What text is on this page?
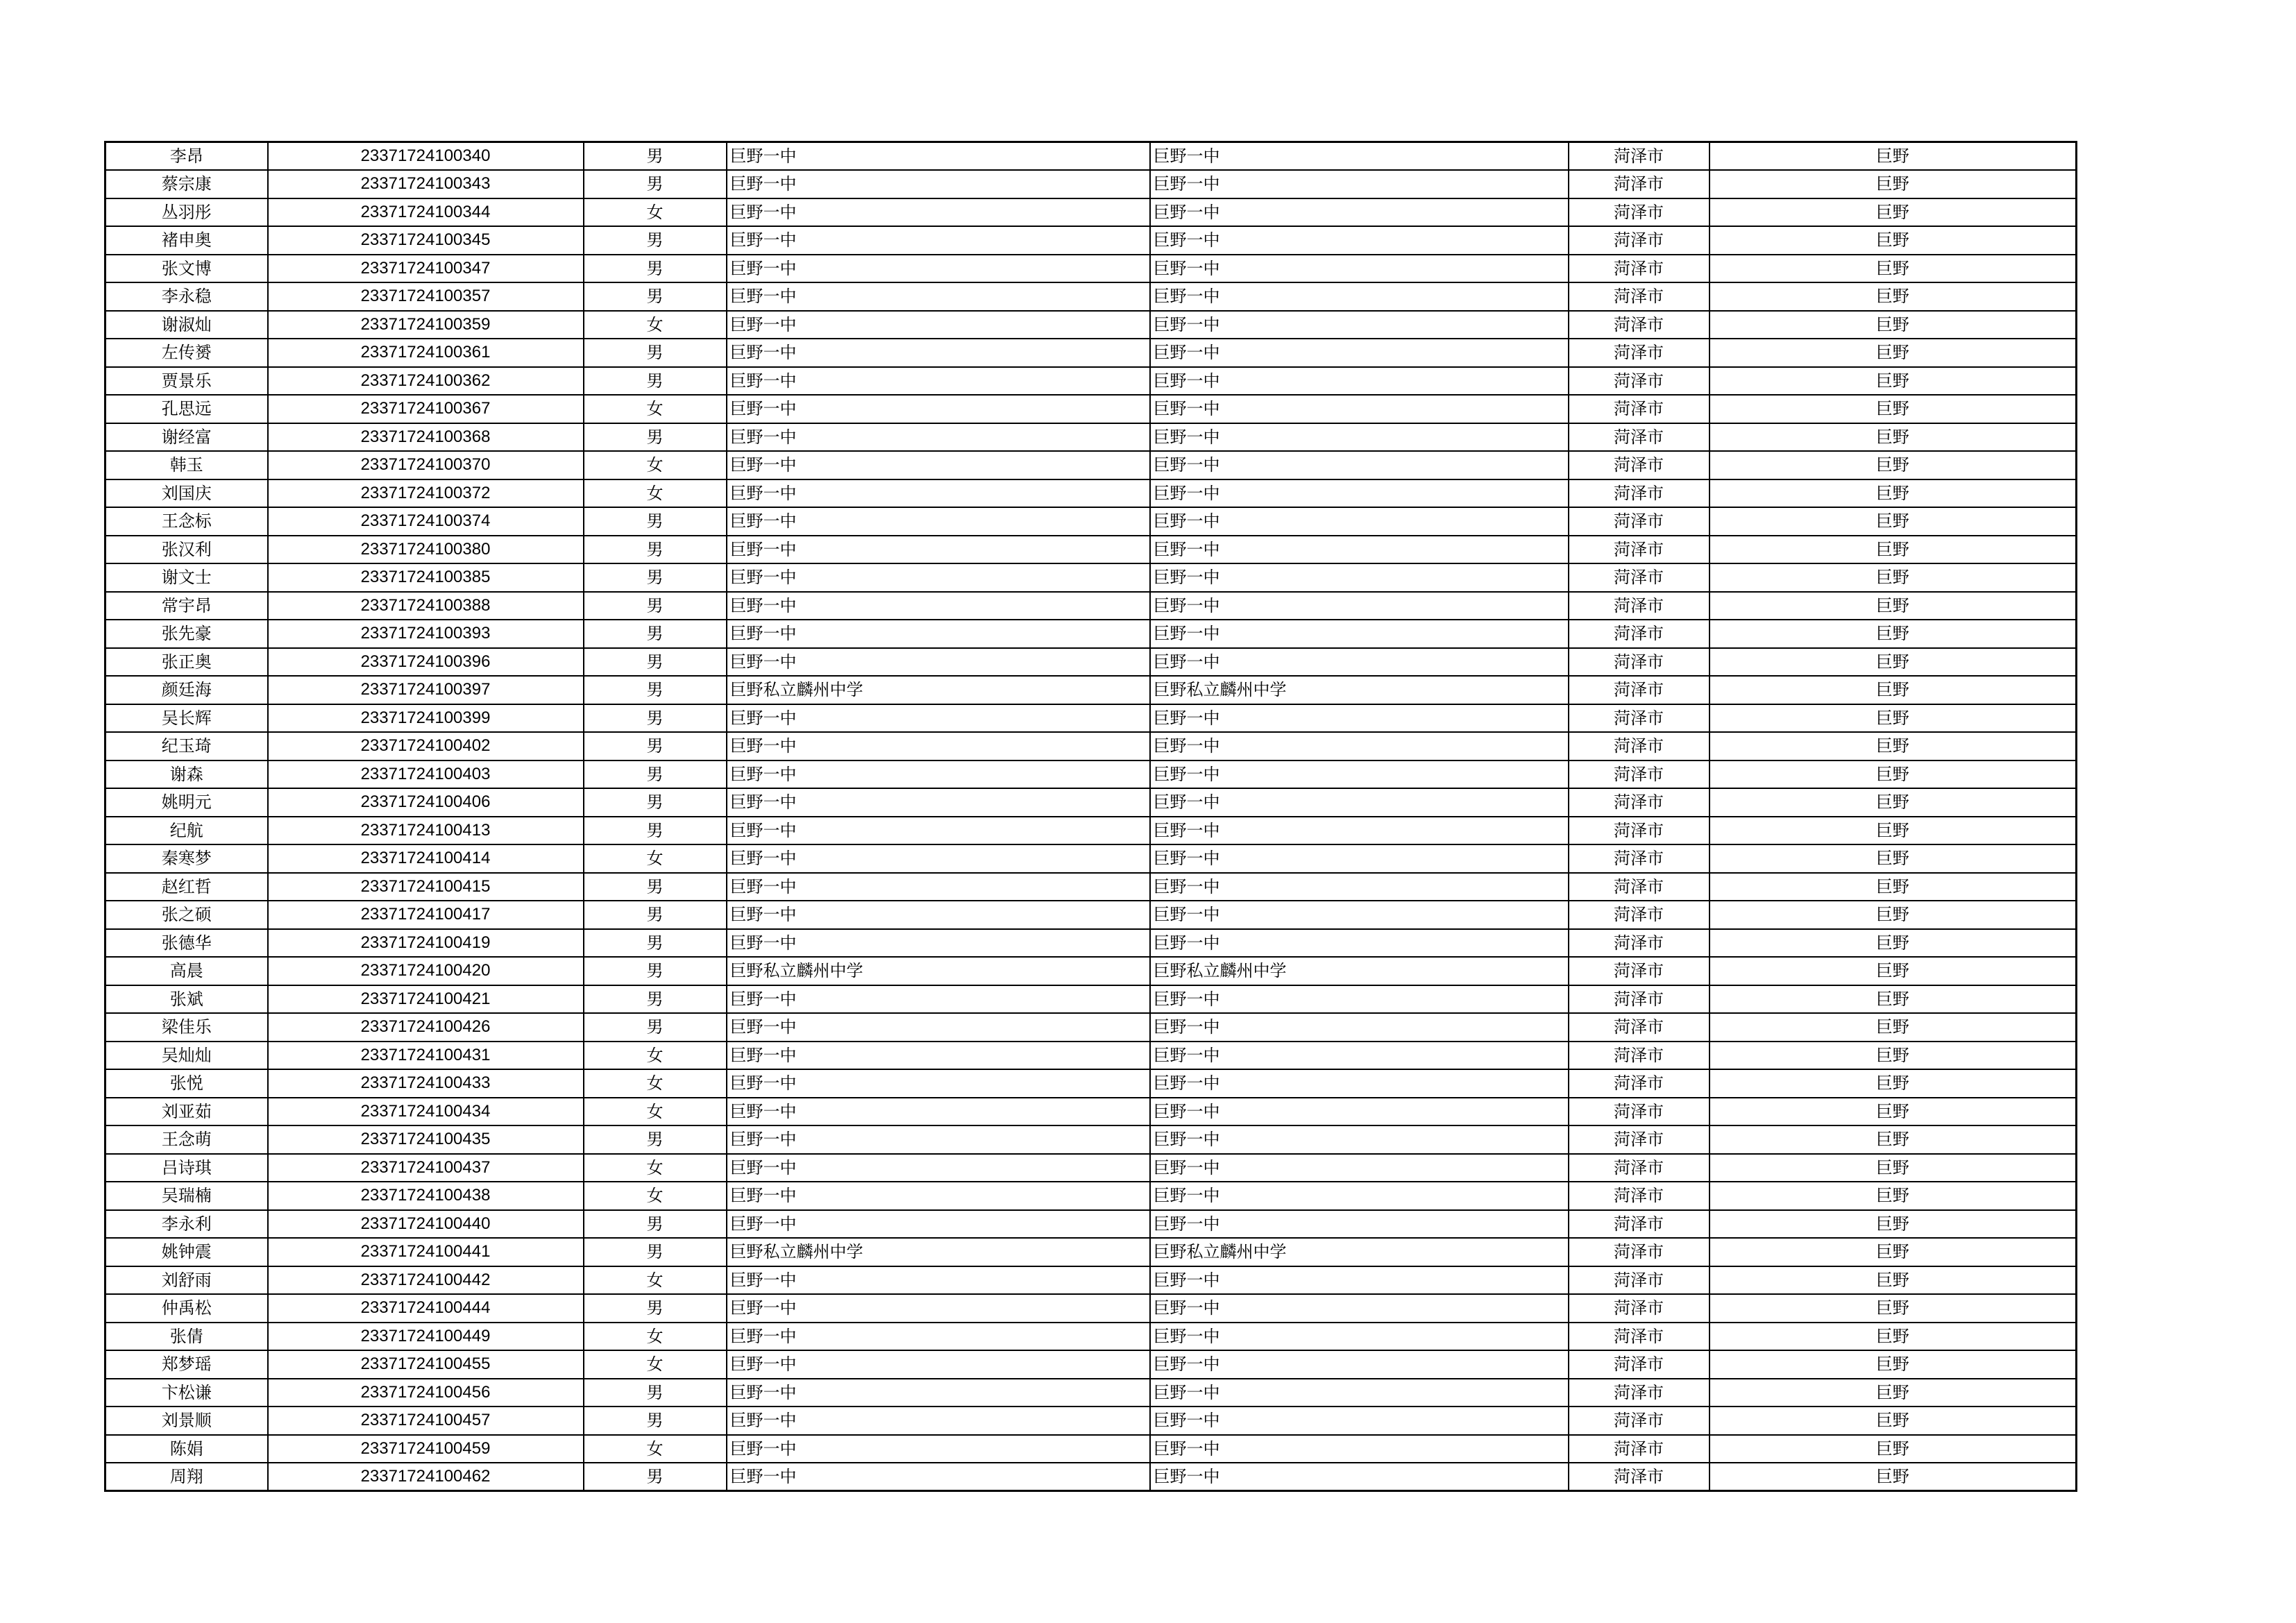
李昂	23371724100340	男	巨野一中	巨野一中	菏泽市	巨野
蔡宗康	23371724100343	男	巨野一中	巨野一中	菏泽市	巨野
丛羽彤	23371724100344	女	巨野一中	巨野一中	菏泽市	巨野
褚申奥	23371724100345	男	巨野一中	巨野一中	菏泽市	巨野
张文博	23371724100347	男	巨野一中	巨野一中	菏泽市	巨野
李永稳	23371724100357	男	巨野一中	巨野一中	菏泽市	巨野
谢淑灿	23371724100359	女	巨野一中	巨野一中	菏泽市	巨野
左传赟	23371724100361	男	巨野一中	巨野一中	菏泽市	巨野
贾景乐	23371724100362	男	巨野一中	巨野一中	菏泽市	巨野
孔思远	23371724100367	女	巨野一中	巨野一中	菏泽市	巨野
谢经富	23371724100368	男	巨野一中	巨野一中	菏泽市	巨野
韩玉	23371724100370	女	巨野一中	巨野一中	菏泽市	巨野
刘国庆	23371724100372	女	巨野一中	巨野一中	菏泽市	巨野
王念标	23371724100374	男	巨野一中	巨野一中	菏泽市	巨野
张汉利	23371724100380	男	巨野一中	巨野一中	菏泽市	巨野
谢文士	23371724100385	男	巨野一中	巨野一中	菏泽市	巨野
常宇昂	23371724100388	男	巨野一中	巨野一中	菏泽市	巨野
张先豪	23371724100393	男	巨野一中	巨野一中	菏泽市	巨野
张正奥	23371724100396	男	巨野一中	巨野一中	菏泽市	巨野
颜廷海	23371724100397	男	巨野私立麟州中学	巨野私立麟州中学	菏泽市	巨野
吴长辉	23371724100399	男	巨野一中	巨野一中	菏泽市	巨野
纪玉琦	23371724100402	男	巨野一中	巨野一中	菏泽市	巨野
谢森	23371724100403	男	巨野一中	巨野一中	菏泽市	巨野
姚明元	23371724100406	男	巨野一中	巨野一中	菏泽市	巨野
纪航	23371724100413	男	巨野一中	巨野一中	菏泽市	巨野
秦寒梦	23371724100414	女	巨野一中	巨野一中	菏泽市	巨野
赵红哲	23371724100415	男	巨野一中	巨野一中	菏泽市	巨野
张之硕	23371724100417	男	巨野一中	巨野一中	菏泽市	巨野
张德华	23371724100419	男	巨野一中	巨野一中	菏泽市	巨野
高晨	23371724100420	男	巨野私立麟州中学	巨野私立麟州中学	菏泽市	巨野
张斌	23371724100421	男	巨野一中	巨野一中	菏泽市	巨野
梁佳乐	23371724100426	男	巨野一中	巨野一中	菏泽市	巨野
吴灿灿	23371724100431	女	巨野一中	巨野一中	菏泽市	巨野
张悦	23371724100433	女	巨野一中	巨野一中	菏泽市	巨野
刘亚茹	23371724100434	女	巨野一中	巨野一中	菏泽市	巨野
王念萌	23371724100435	男	巨野一中	巨野一中	菏泽市	巨野
吕诗琪	23371724100437	女	巨野一中	巨野一中	菏泽市	巨野
吴瑞楠	23371724100438	女	巨野一中	巨野一中	菏泽市	巨野
李永利	23371724100440	男	巨野一中	巨野一中	菏泽市	巨野
姚钟震	23371724100441	男	巨野私立麟州中学	巨野私立麟州中学	菏泽市	巨野
刘舒雨	23371724100442	女	巨野一中	巨野一中	菏泽市	巨野
仲禹松	23371724100444	男	巨野一中	巨野一中	菏泽市	巨野
张倩	23371724100449	女	巨野一中	巨野一中	菏泽市	巨野
郑梦瑶	23371724100455	女	巨野一中	巨野一中	菏泽市	巨野
卞松谦	23371724100456	男	巨野一中	巨野一中	菏泽市	巨野
刘景顺	23371724100457	男	巨野一中	巨野一中	菏泽市	巨野
陈娟	23371724100459	女	巨野一中	巨野一中	菏泽市	巨野
周翔	23371724100462	男	巨野一中	巨野一中	菏泽市	巨野
